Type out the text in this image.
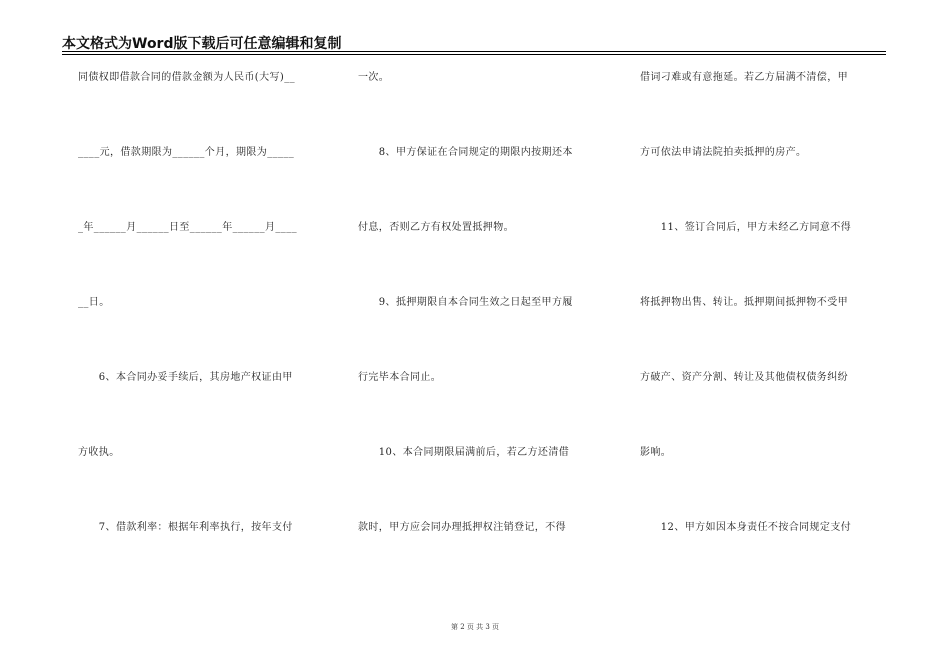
本文格式为Word版下载后可任意编辑和复制
同债权即借款合同的借款金额为人民币(大写)__
____元，借款期限为______个月，期限为_____
_年______月______日至______年______月____
__日。
　　6、本合同办妥手续后，其房地产权证由甲
方收执。
　　7、借款利率：根据年利率执行，按年支付
一次。
　　8、甲方保证在合同规定的期限内按期还本
付息，否则乙方有权处置抵押物。
　　9、抵押期限自本合同生效之日起至甲方履
行完毕本合同止。
　　10、本合同期限届满前后，若乙方还清借
款时，甲方应会同办理抵押权注销登记，不得
借词刁难或有意拖延。若乙方届满不清偿，甲
方可依法申请法院拍卖抵押的房产。
　　11、签订合同后，甲方未经乙方同意不得
将抵押物出售、转让。抵押期间抵押物不受甲
方破产、资产分割、转让及其他债权债务纠纷
影响。
　　12、甲方如因本身责任不按合同规定支付
第 2 页 共 3 页
